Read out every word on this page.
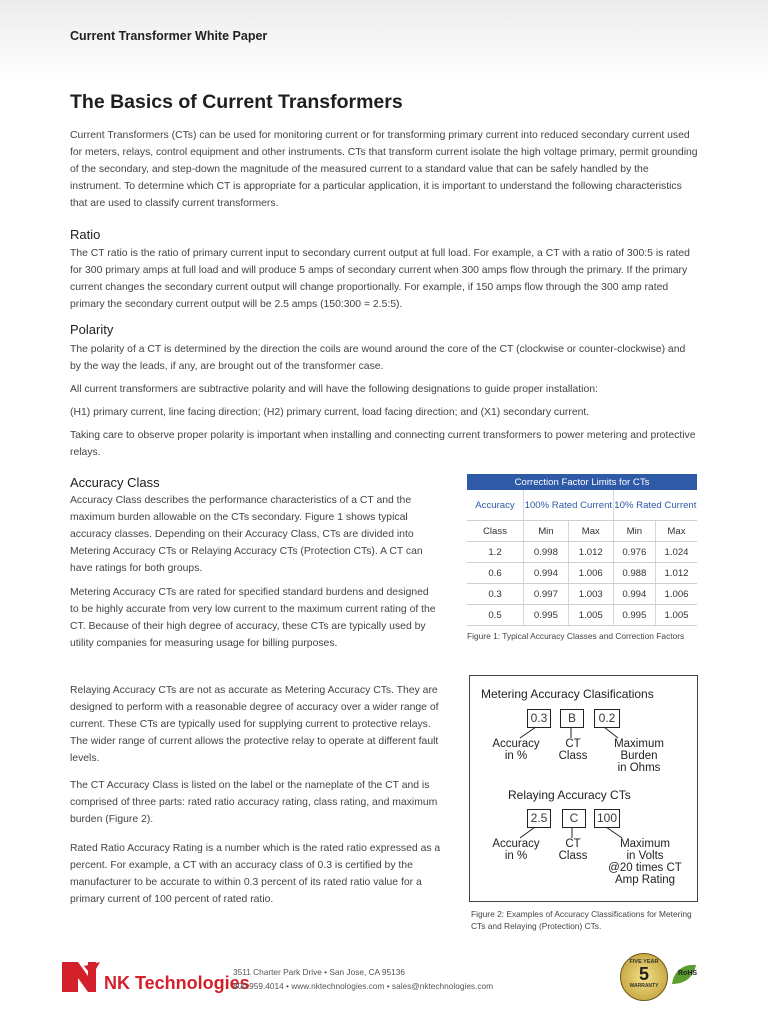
Current Transformer White Paper
The Basics of Current Transformers

Current Transformers (CTs) can be used for monitoring current or for transforming primary current into reduced secondary current used for meters, relays, control equipment and other instruments. CTs that transform current isolate the high voltage primary, permit grounding of the secondary, and step-down the magnitude of the measured current to a standard value that can be safely handled by the instrument. To determine which CT is appropriate for a particular application, it is important to understand the following characteristics that are used to classify current transformers.

Ratio

The CT ratio is the ratio of primary current input to secondary current output at full load. For example, a CT with a ratio of 300:5 is rated for 300 primary amps at full load and will produce 5 amps of secondary current when 300 amps flow through the primary. If the primary current changes the secondary current output will change proportionally. For example, if 150 amps flow through the 300 amp rated primary the secondary current output will be 2.5 amps (150:300 = 2.5:5).

Polarity

The polarity of a CT is determined by the direction the coils are wound around the core of the CT (clockwise or counter-clockwise) and by the way the leads, if any, are brought out of the transformer case.

All current transformers are subtractive polarity and will have the following designations to guide proper installation:

(H1) primary current, line facing direction; (H2) primary current, load facing direction; and (X1) secondary current.

Taking care to observe proper polarity is important when installing and connecting current transformers to power metering and protective relays.

Accuracy Class

Accuracy Class describes the performance characteristics of a CT and the maximum burden allowable on the CTs secondary. Figure 1 shows typical accuracy classes. Depending on their Accuracy Class, CTs are divided into Metering Accuracy CTs or Relaying Accuracy CTs (Protection CTs). A CT can have ratings for both groups.

Metering Accuracy CTs are rated for specified standard burdens and designed to be highly accurate from very low current to the maximum current rating of the CT. Because of their high degree of accuracy, these CTs are typically used by utility companies for measuring usage for billing purposes.

Relaying Accuracy CTs are not as accurate as Metering Accuracy CTs. They are designed to perform with a reasonable degree of accuracy over a wider range of current. These CTs are typically used for supplying current to protective relays. The wider range of current allows the protective relay to operate at different fault levels.

The CT Accuracy Class is listed on the label or the nameplate of the CT and is comprised of three parts: rated ratio accuracy rating, class rating, and maximum burden (Figure 2).

Rated Ratio Accuracy Rating is a number which is the rated ratio expressed as a percent. For example, a CT with an accuracy class of 0.3 is certified by the manufacturer to be accurate to within 0.3 percent of its rated ratio value for a primary current of 100 percent of rated ratio.

Correction Factor Limits for CTs				
Accuracy	100% Rated Current		10% Rated Current	
Class	Min	Max	Min	Max
1.2	0.998	1.012	0.976	1.024
0.6	0.994	1.006	0.988	1.012
0.3	0.997	1.003	0.994	1.006
0.5	0.995	1.005	0.995	1.005
Figure 1: Typical Accuracy Classes and Correction Factors
Metering Accuracy Clasifications
0.3	B	0.2
Accuracy
in %
CT
Class
Maximum
Burden
in Ohms
Relaying Accuracy CTs
2.5	C	100
Accuracy
in %
CT
Class
Maximum
in Volts
@20 times CT
Amp Rating
Figure 2: Examples of Accuracy Classifications for Metering CTs and Relaying (Protection) CTs.
NK Technologies
3511 Charter Park Drive • San Jose, CA 95136
800.959.4014 • www.nktechnologies.com • sales@nktechnologies.com
FIVE YEAR
5
WARRANTY
RoHS
